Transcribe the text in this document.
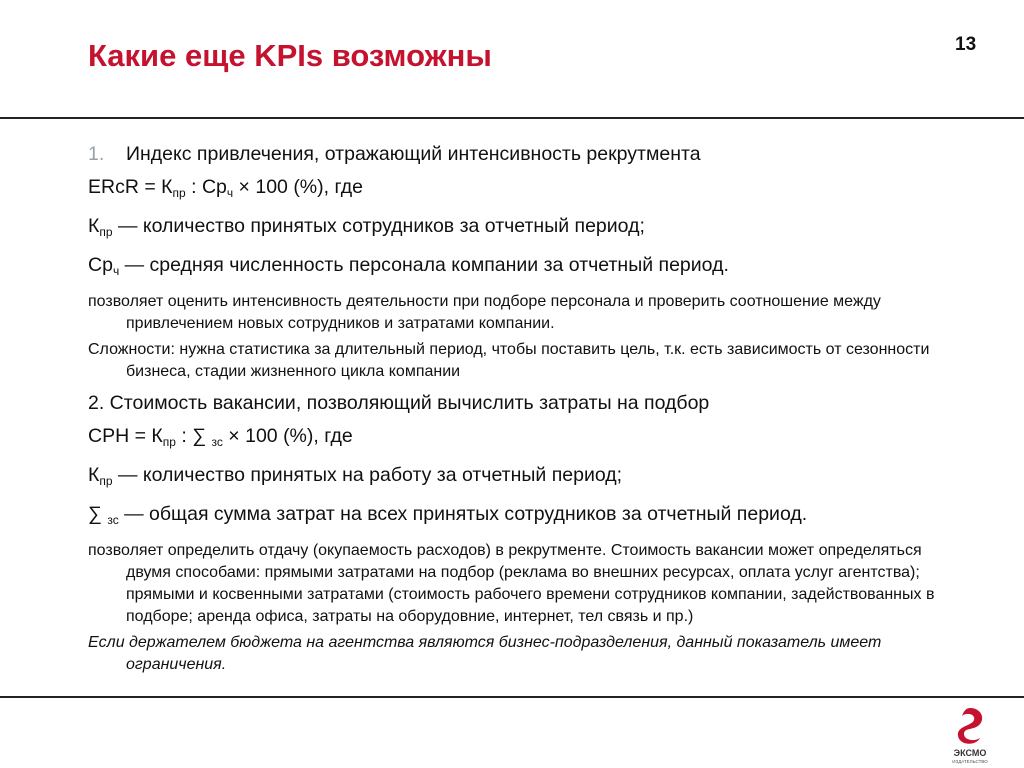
Какие еще KPIs возможны	13

1. Индекс привлечения, отражающий интенсивность рекрутмента

ERcR = $К_{пр}$ : $Ср_ч \times 100$ (%), где

$К_{пр}$ — количество принятых сотрудников за отчетный период;

$Ср_ч$ — средняя численность персонала компании за отчетный период.

позволяет оценить интенсивность деятельности при подборе персонала и проверить соотношение между привлечением новых сотрудников и затратами компании.

Сложности: нужна статистика за длительный период, чтобы поставить цель, т.к. есть зависимость от сезонности бизнеса, стадии жизненного цикла компании

2. Стоимость вакансии, позволяющий вычислить затраты на подбор

CPH = $К_{пр}$ : ∑ $_{зс}$ × 100 (%), где

$К_{пр}$ — количество принятых на работу за отчетный период;

∑ $_{зс}$ — общая сумма затрат на всех принятых сотрудников за отчетный период.

позволяет определить отдачу (окупаемость расходов) в рекрутменте. Стоимость вакансии может определяться двумя способами: прямыми затратами на подбор (реклама во внешних ресурсах, оплата услуг агентства); прямыми и косвенными затратами (стоимость рабочего времени сотрудников компании, задействованных в подборе; аренда офиса, затраты на оборудовние, интернет, тел связь и пр.)

Если держателем бюджета на агентства являются бизнес-подразделения, данный показатель имеет ограничения.

ЭКСМО
ИЗДАТЕЛЬСТВО
